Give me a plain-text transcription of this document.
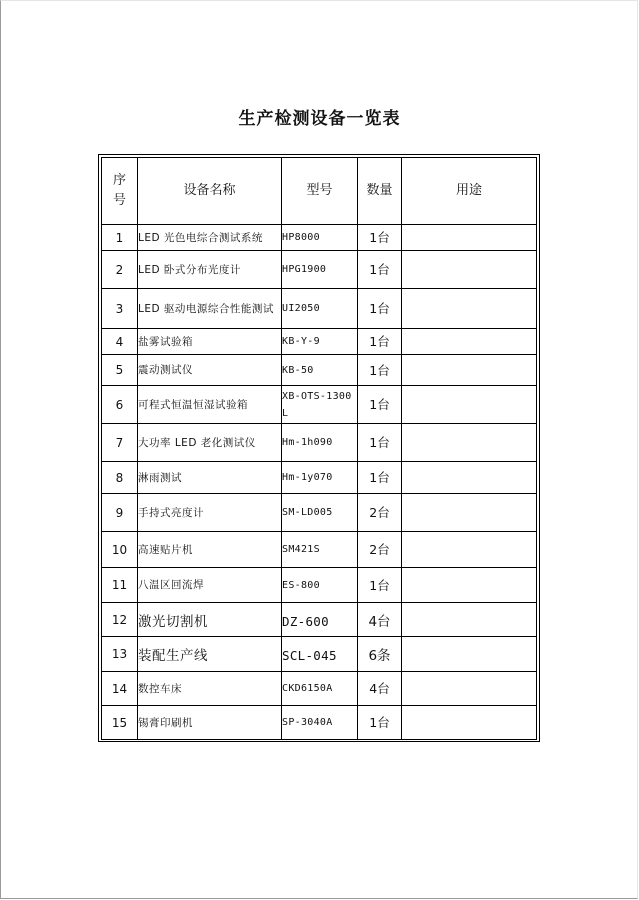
生产检测设备一览表
序号	设备名称	型号	数量	用途
1	LED 光色电综合测试系统	HP8000	1台	
2	LED 卧式分布光度计	HPG1900	1台	
3	LED 驱动电源综合性能测试	UI2050	1台	
4	盐雾试验箱	KB-Y-9	1台	
5	震动测试仪	KB-50	1台	
6	可程式恒温恒湿试验箱	XB-OTS-1300L	1台	
7	大功率 LED 老化测试仪	Hm-1h090	1台	
8	淋雨测试	Hm-1y070	1台	
9	手持式亮度计	SM-LD005	2台	
10	高速贴片机	SM421S	2台	
11	八温区回流焊	ES-800	1台	
12	激光切割机	DZ-600	4台	
13	装配生产线	SCL-045	6条	
14	数控车床	CKD6150A	4台	
15	锡膏印刷机	SP-3040A	1台	
